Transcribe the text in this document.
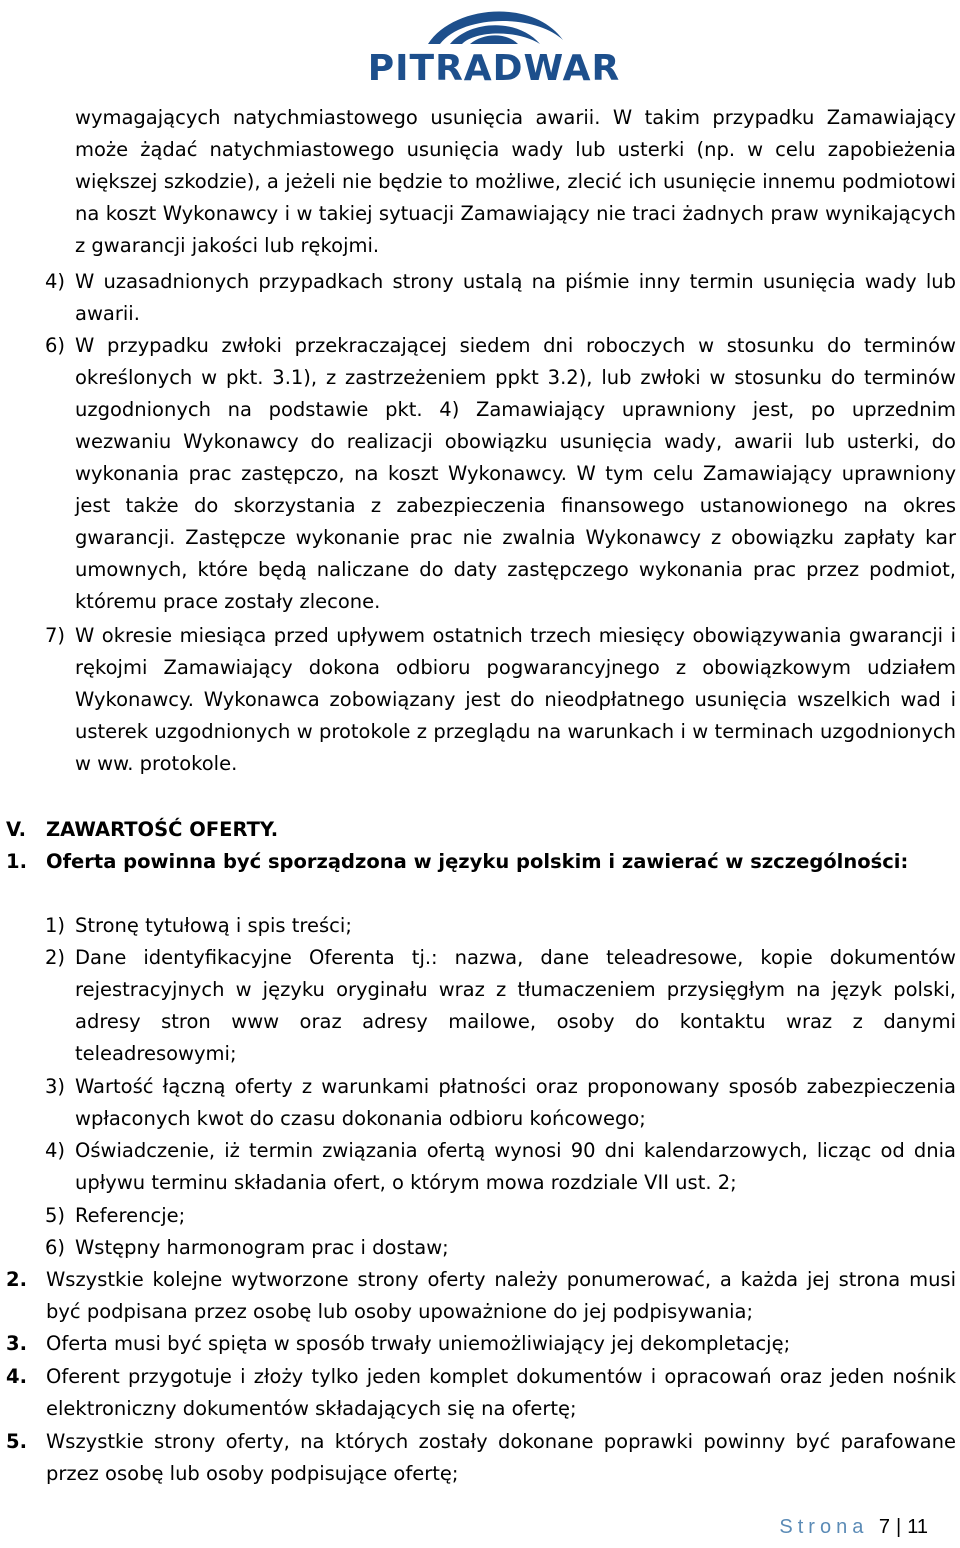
PITRADWAR
wymagających natychmiastowego usunięcia awarii. W takim przypadku Zamawiający może żądać natychmiastowego usunięcia wady lub usterki (np. w celu zapobieżenia większej szkodzie), a jeżeli nie będzie to możliwe, zlecić ich usunięcie innemu podmiotowi na koszt Wykonawcy i w takiej sytuacji Zamawiający nie traci żadnych praw wynikających z gwarancji jakości lub rękojmi.
4) W uzasadnionych przypadkach strony ustalą na piśmie inny termin usunięcia wady lub awarii.
6) W przypadku zwłoki przekraczającej siedem dni roboczych w stosunku do terminów określonych w pkt. 3.1), z zastrzeżeniem ppkt 3.2), lub zwłoki w stosunku do terminów uzgodnionych na podstawie pkt. 4) Zamawiający uprawniony jest, po uprzednim wezwaniu Wykonawcy do realizacji obowiązku usunięcia wady, awarii lub usterki, do wykonania prac zastępczo, na koszt Wykonawcy. W tym celu Zamawiający uprawniony jest także do skorzystania z zabezpieczenia finansowego ustanowionego na okres gwarancji. Zastępcze wykonanie prac nie zwalnia Wykonawcy z obowiązku zapłaty kar umownych, które będą naliczane do daty zastępczego wykonania prac przez podmiot, któremu prace zostały zlecone.
7) W okresie miesiąca przed upływem ostatnich trzech miesięcy obowiązywania gwarancji i rękojmi Zamawiający dokona odbioru pogwarancyjnego z obowiązkowym udziałem Wykonawcy. Wykonawca zobowiązany jest do nieodpłatnego usunięcia wszelkich wad i usterek uzgodnionych w protokole z przeglądu na warunkach i w terminach uzgodnionych w ww. protokole.
V. ZAWARTOŚĆ OFERTY.
1. Oferta powinna być sporządzona w języku polskim i zawierać w szczególności:
1) Stronę tytułową i spis treści;
2) Dane identyfikacyjne Oferenta tj.: nazwa, dane teleadresowe, kopie dokumentów rejestracyjnych w języku oryginału wraz z tłumaczeniem przysięgłym na język polski, adresy stron www oraz adresy mailowe, osoby do kontaktu wraz z danymi teleadresowymi;
3) Wartość łączną oferty z warunkami płatności oraz proponowany sposób zabezpieczenia wpłaconych kwot do czasu dokonania odbioru końcowego;
4) Oświadczenie, iż termin związania ofertą wynosi 90 dni kalendarzowych, licząc od dnia upływu terminu składania ofert, o którym mowa rozdziale VII ust. 2;
5) Referencje;
6) Wstępny harmonogram prac i dostaw;
2. Wszystkie kolejne wytworzone strony oferty należy ponumerować, a każda jej strona musi być podpisana przez osobę lub osoby upoważnione do jej podpisywania;
3. Oferta musi być spięta w sposób trwały uniemożliwiający jej dekompletację;
4. Oferent przygotuje i złoży tylko jeden komplet dokumentów i opracowań oraz jeden nośnik elektroniczny dokumentów składających się na ofertę;
5. Wszystkie strony oferty, na których zostały dokonane poprawki powinny być parafowane przez osobę lub osoby podpisujące ofertę;
Strona 7 | 11
